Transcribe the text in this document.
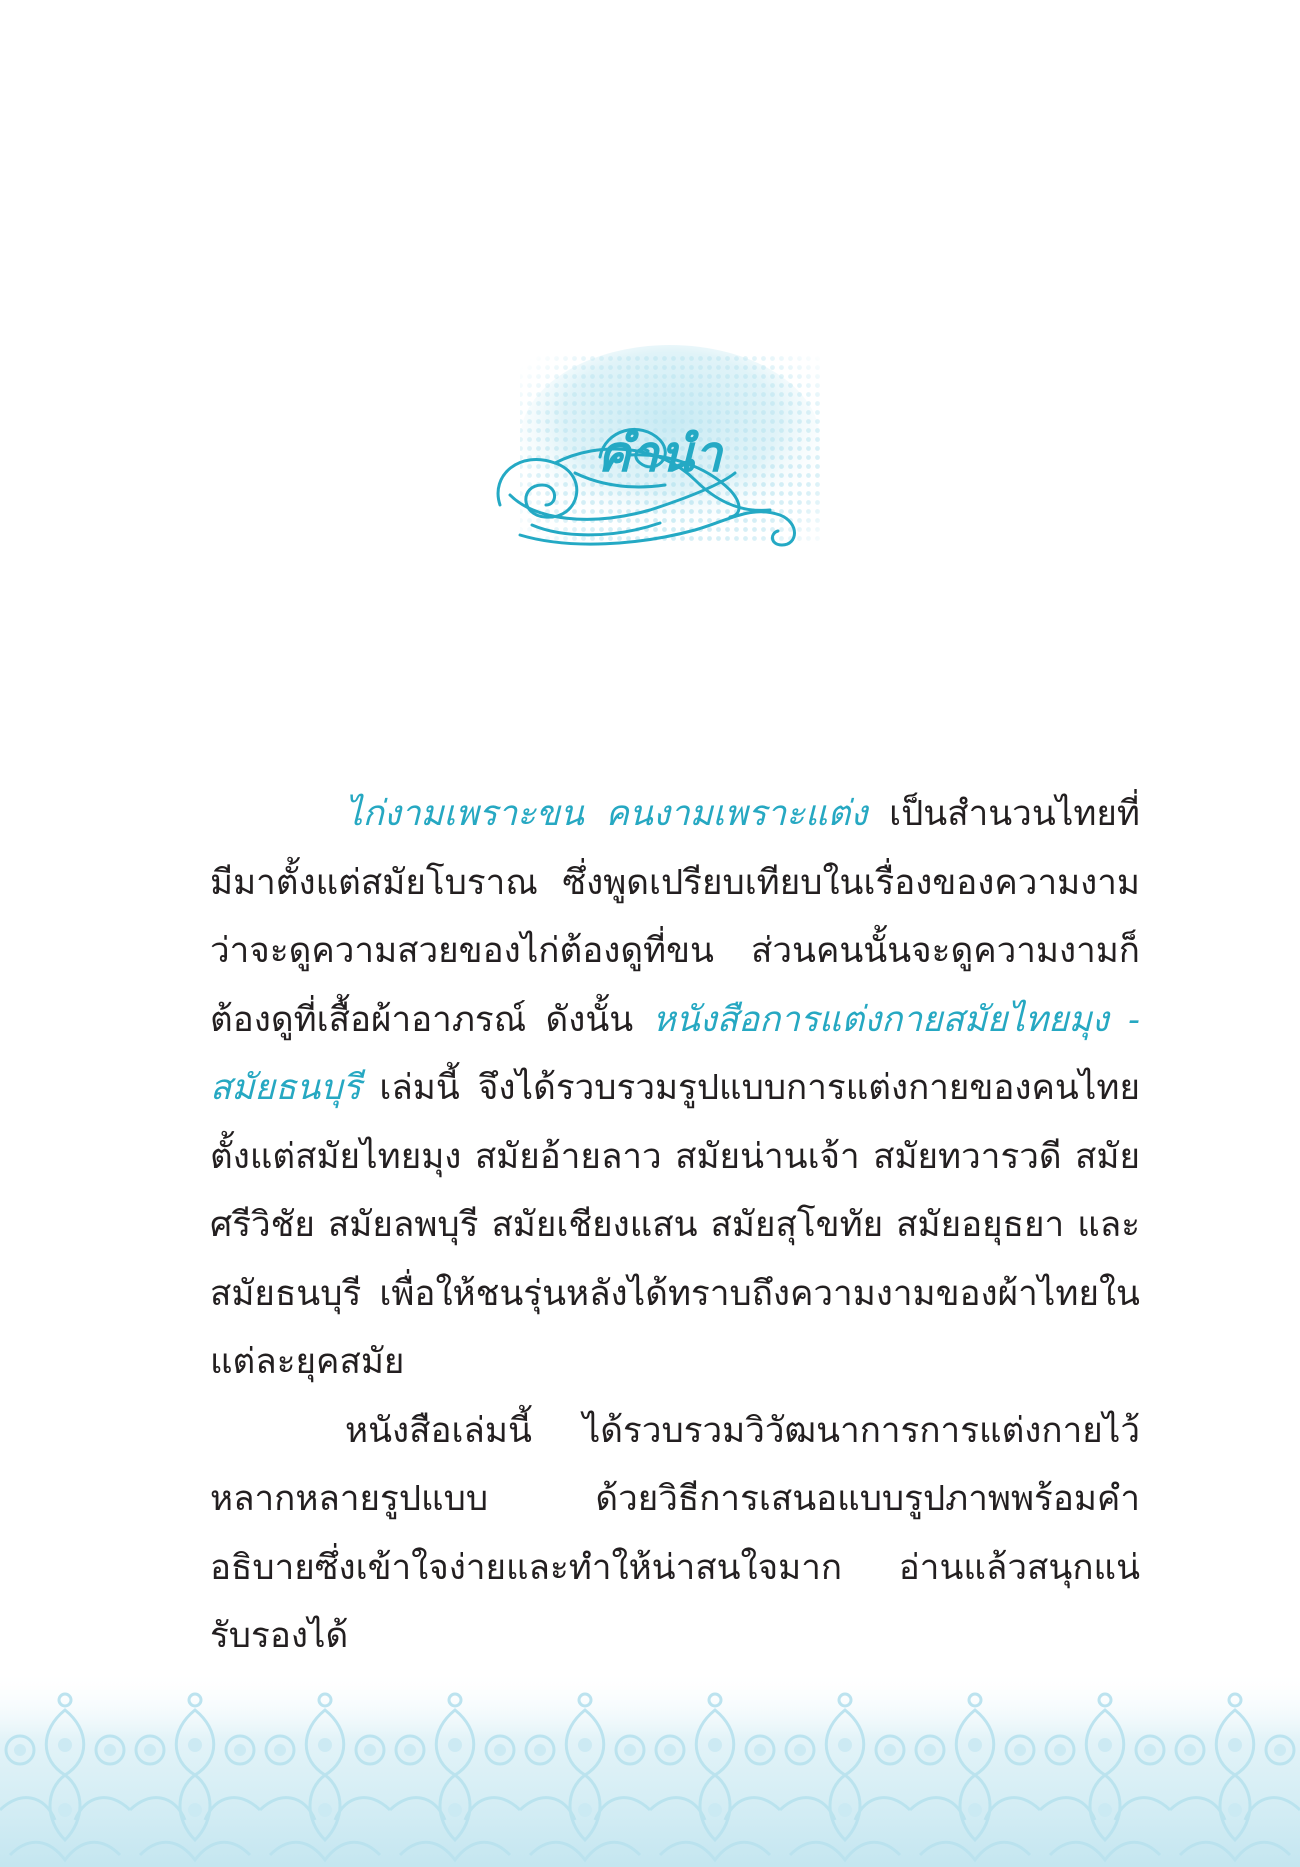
คำนำ

ไก่งามเพราะขน คนงามเพราะแต่ง เป็นสำนวนไทยที่มีมาตั้งแต่สมัยโบราณ ซึ่งพูดเปรียบเทียบในเรื่องของความงามว่าจะดูความสวยของไก่ต้องดูที่ขน ส่วนคนนั้นจะดูความงามก็ต้องดูที่เสื้อผ้าอาภรณ์ ดังนั้น หนังสือการแต่งกายสมัยไทยมุง - สมัยธนบุรี เล่มนี้ จึงได้รวบรวมรูปแบบการแต่งกายของคนไทย ตั้งแต่สมัยไทยมุง สมัยอ้ายลาว สมัยน่านเจ้า สมัยทวารวดี สมัยศรีวิชัย สมัยลพบุรี สมัยเชียงแสน สมัยสุโขทัย สมัยอยุธยา และสมัยธนบุรี เพื่อให้ชนรุ่นหลังได้ทราบถึงความงามของผ้าไทยในแต่ละยุคสมัย

หนังสือเล่มนี้ ได้รวบรวมวิวัฒนาการการแต่งกายไว้หลากหลายรูปแบบ ด้วยวิธีการเสนอแบบรูปภาพพร้อมคำอธิบายซึ่งเข้าใจง่ายและทำให้น่าสนใจมาก อ่านแล้วสนุกแน่รับรองได้
